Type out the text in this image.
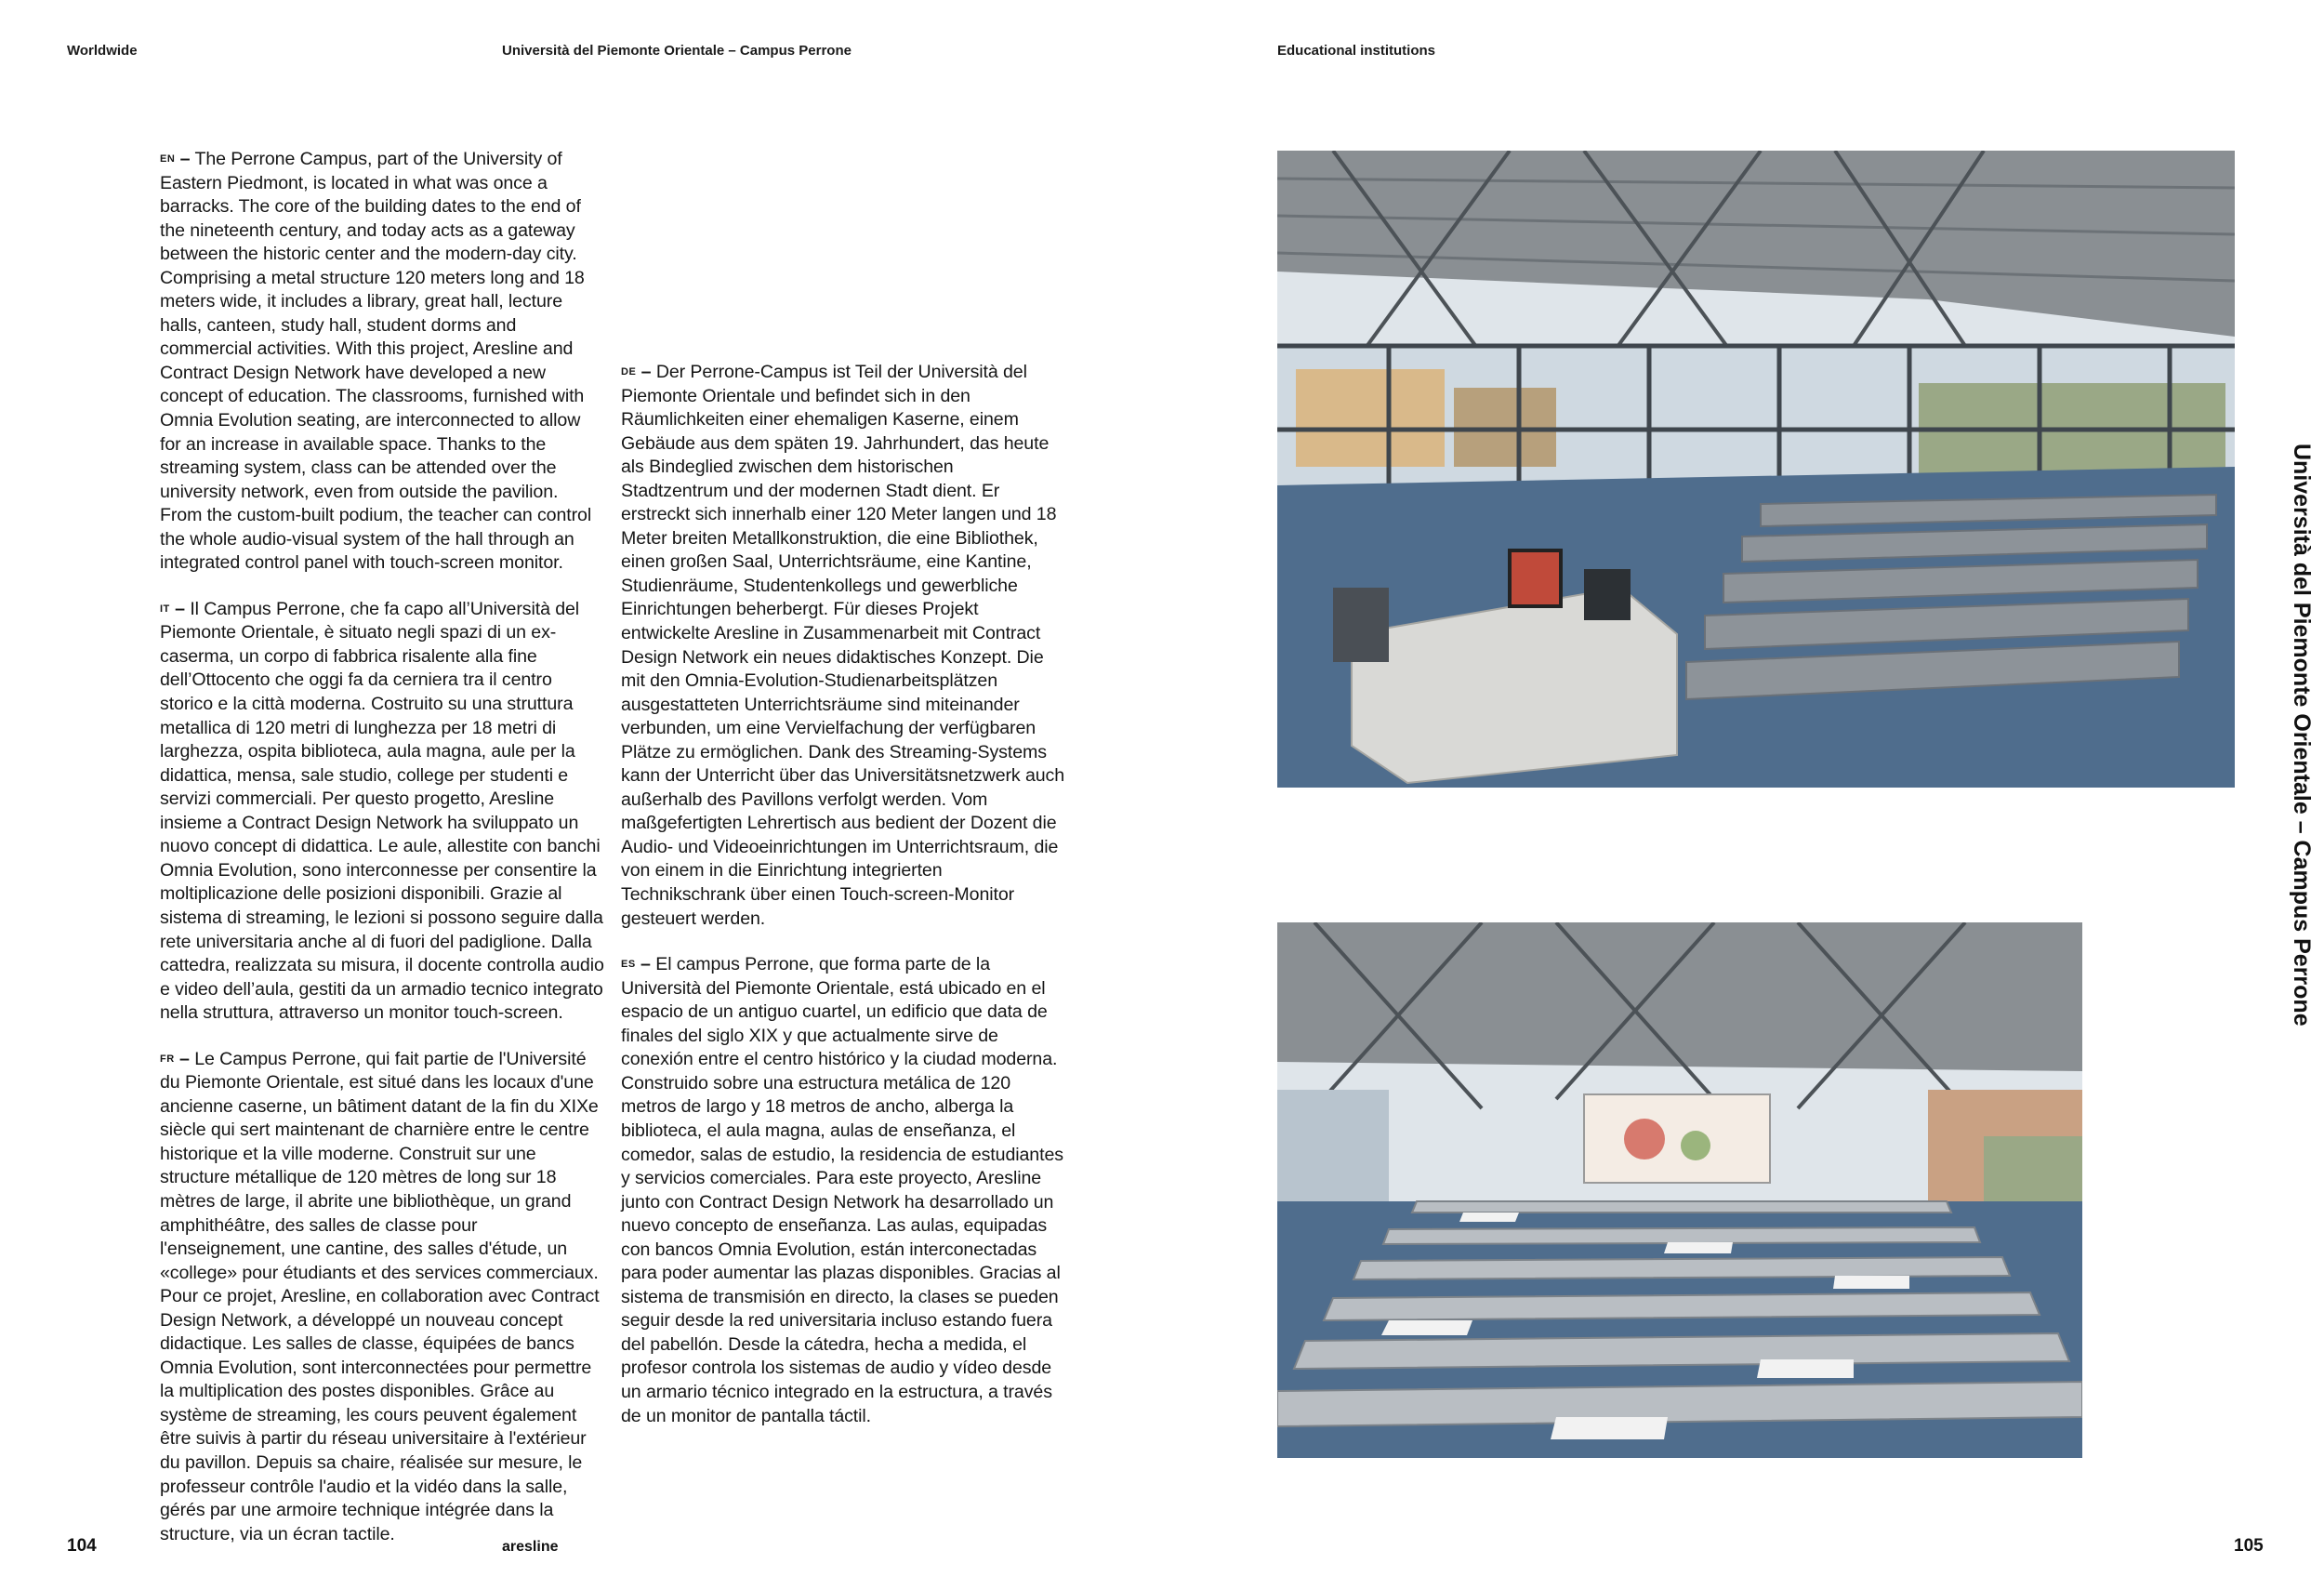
Worldwide	Università del Piemonte Orientale – Campus Perrone	Educational institutions

EN – The Perrone Campus, part of the University of Eastern Piedmont, is located in what was once a barracks. The core of the building dates to the end of the nineteenth century, and today acts as a gateway between the historic center and the modern-day city. Comprising a metal structure 120 meters long and 18 meters wide, it includes a library, great hall, lecture halls, canteen, study hall, student dorms and commercial activities. With this project, Aresline and Contract Design Network have developed a new concept of education. The classrooms, furnished with Omnia Evolution seating, are interconnected to allow for an increase in available space. Thanks to the streaming system, class can be attended over the university network, even from outside the pavilion. From the custom-built podium, the teacher can control the whole audio-visual system of the hall through an integrated control panel with touch-screen monitor.

IT – Il Campus Perrone, che fa capo all’Università del Piemonte Orientale, è situato negli spazi di un ex-caserma, un corpo di fabbrica risalente alla fine dell’Ottocento che oggi fa da cerniera tra il centro storico e la città moderna. Costruito su una struttura metallica di 120 metri di lunghezza per 18 metri di larghezza, ospita biblioteca, aula magna, aule per la didattica, mensa, sale studio, college per studenti e servizi commerciali. Per questo progetto, Aresline insieme a Contract Design Network ha sviluppato un nuovo concept di didattica. Le aule, allestite con banchi Omnia Evolution, sono interconnesse per consentire la moltiplicazione delle posizioni disponibili. Grazie al sistema di streaming, le lezioni si possono seguire dalla rete universitaria anche al di fuori del padiglione. Dalla cattedra, realizzata su misura, il docente controlla audio e video dell’aula, gestiti da un armadio tecnico integrato nella struttura, attraverso un monitor touch-screen.

FR – Le Campus Perrone, qui fait partie de l'Université du Piemonte Orientale, est situé dans les locaux d'une ancienne caserne, un bâtiment datant de la fin du XIXe siècle qui sert maintenant de charnière entre le centre historique et la ville moderne. Construit sur une structure métallique de 120 mètres de long sur 18 mètres de large, il abrite une bibliothèque, un grand amphithéâtre, des salles de classe pour l'enseignement, une cantine, des salles d'étude, un «college» pour étudiants et des services commerciaux. Pour ce projet, Aresline, en collaboration avec Contract Design Network, a développé un nouveau concept didactique. Les salles de classe, équipées de bancs Omnia Evolution, sont interconnectées pour permettre la multiplication des postes disponibles. Grâce au système de streaming, les cours peuvent également être suivis à partir du réseau universitaire à l'extérieur du pavillon. Depuis sa chaire, réalisée sur mesure, le professeur contrôle l'audio et la vidéo dans la salle, gérés par une armoire technique intégrée dans la structure, via un écran tactile.

DE – Der Perrone-Campus ist Teil der Università del Piemonte Orientale und befindet sich in den Räumlichkeiten einer ehemaligen Kaserne, einem Gebäude aus dem späten 19. Jahrhundert, das heute als Bindeglied zwischen dem historischen Stadtzentrum und der modernen Stadt dient. Er erstreckt sich innerhalb einer 120 Meter langen und 18 Meter breiten Metallkonstruktion, die eine Bibliothek, einen großen Saal, Unterrichtsräume, eine Kantine, Studienräume, Studentenkollegs und gewerbliche Einrichtungen beherbergt. Für dieses Projekt entwickelte Aresline in Zusammenarbeit mit Contract Design Network ein neues didaktisches Konzept. Die mit den Omnia-Evolution-Studienarbeitsplätzen ausgestatteten Unterrichtsräume sind miteinander verbunden, um eine Vervielfachung der verfügbaren Plätze zu ermöglichen. Dank des Streaming-Systems kann der Unterricht über das Universitätsnetzwerk auch außerhalb des Pavillons verfolgt werden. Vom maßgefertigten Lehrertisch aus bedient der Dozent die Audio- und Videoeinrichtungen im Unterrichtsraum, die von einem in die Einrichtung integrierten Technikschrank über einen Touch-screen-Monitor gesteuert werden.

ES – El campus Perrone, que forma parte de la Università del Piemonte Orientale, está ubicado en el espacio de un antiguo cuartel, un edificio que data de finales del siglo XIX y que actualmente sirve de conexión entre el centro histórico y la ciudad moderna. Construido sobre una estructura metálica de 120 metros de largo y 18 metros de ancho, alberga la biblioteca, el aula magna, aulas de enseñanza, el comedor, salas de estudio, la residencia de estudiantes y servicios comerciales. Para este proyecto, Aresline junto con Contract Design Network ha desarrollado un nuevo concepto de enseñanza. Las aulas, equipadas con bancos Omnia Evolution, están interconectadas para poder aumentar las plazas disponibles. Gracias al sistema de transmisión en directo, la clases se pueden seguir desde la red universitaria incluso estando fuera del pabellón. Desde la cátedra, hecha a medida, el profesor controla los sistemas de audio y vídeo desde un armario técnico integrado en la estructura, a través de un monitor de pantalla táctil.

Università del Piemonte Orientale – Campus Perrone
104	aresline	105
